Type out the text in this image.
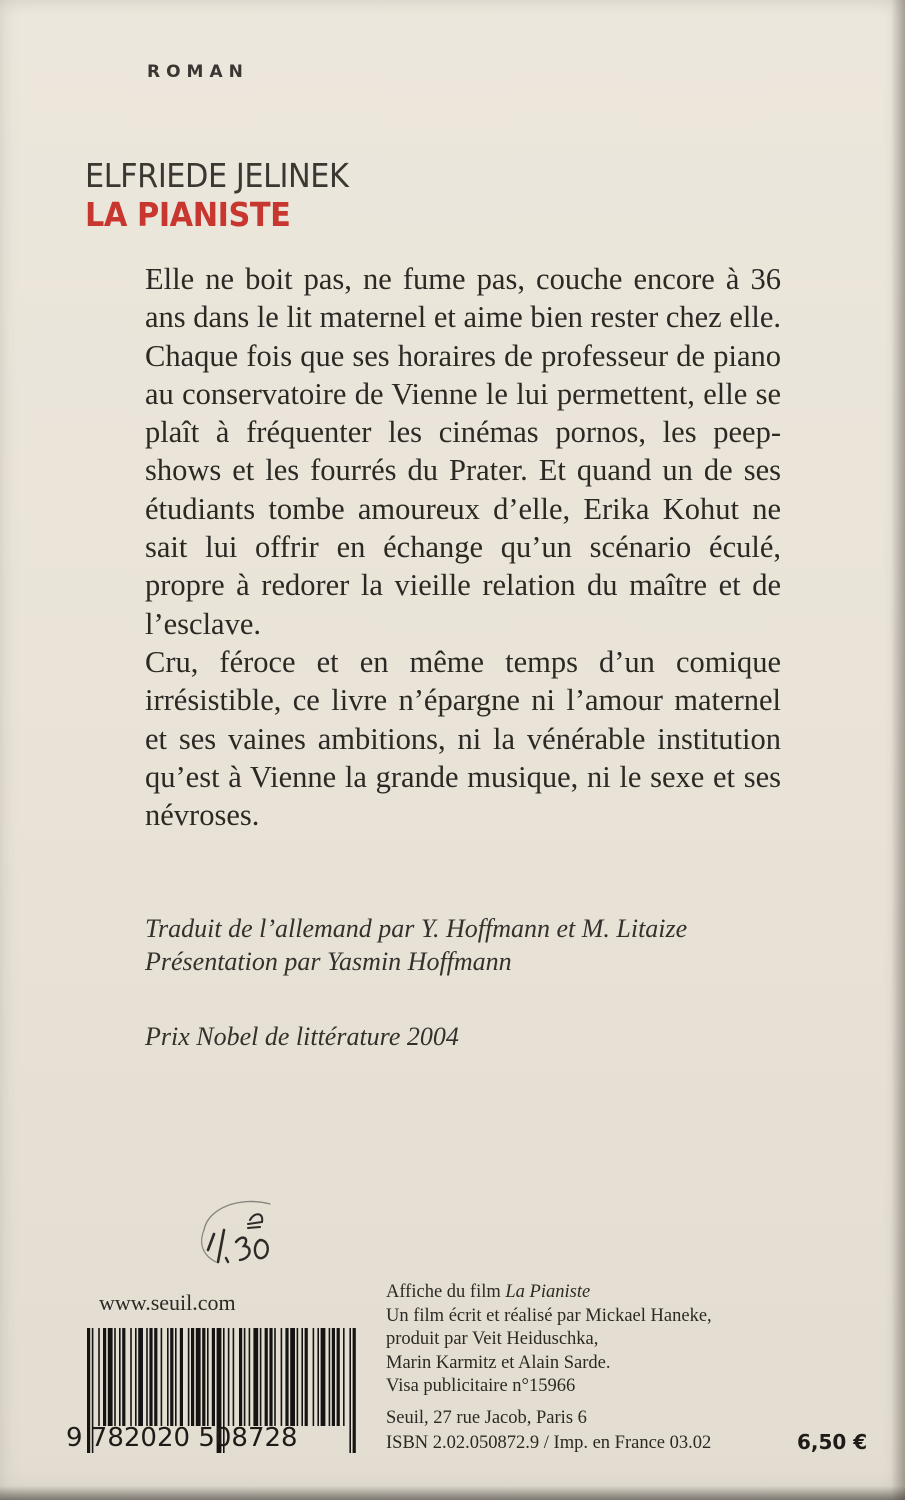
ROMAN
ELFRIEDE JELINEK
LA PIANISTE

Elle ne boit pas, ne fume pas, couche encore à 36 ans dans le lit maternel et aime bien rester chez elle. Chaque fois que ses horaires de professeur de piano au conservatoire de Vienne le lui permettent, elle se plaît à fréquenter les cinémas pornos, les peep-shows et les fourrés du Prater. Et quand un de ses étudiants tombe amoureux d’elle, Erika Kohut ne sait lui offrir en échange qu’un scénario éculé, propre à redorer la vieille relation du maître et de l’esclave.

Cru, féroce et en même temps d’un comique irrésistible, ce livre n’épargne ni l’amour maternel et ses vaines ambitions, ni la vénérable institution qu’est à Vienne la grande musique, ni le sexe et ses névroses.

Traduit de l’allemand par Y. Hoffmann et M. Litaize
Présentation par Yasmin Hoffmann
Prix Nobel de littérature 2004
www.seuil.com
9 782020 508728
Affiche du film La Pianiste
Un film écrit et réalisé par Mickael Haneke,
produit par Veit Heiduschka,
Marin Karmitz et Alain Sarde.
Visa publicitaire n°15966
Seuil, 27 rue Jacob, Paris 6
ISBN 2.02.050872.9 / Imp. en France 03.02	6,50 €
